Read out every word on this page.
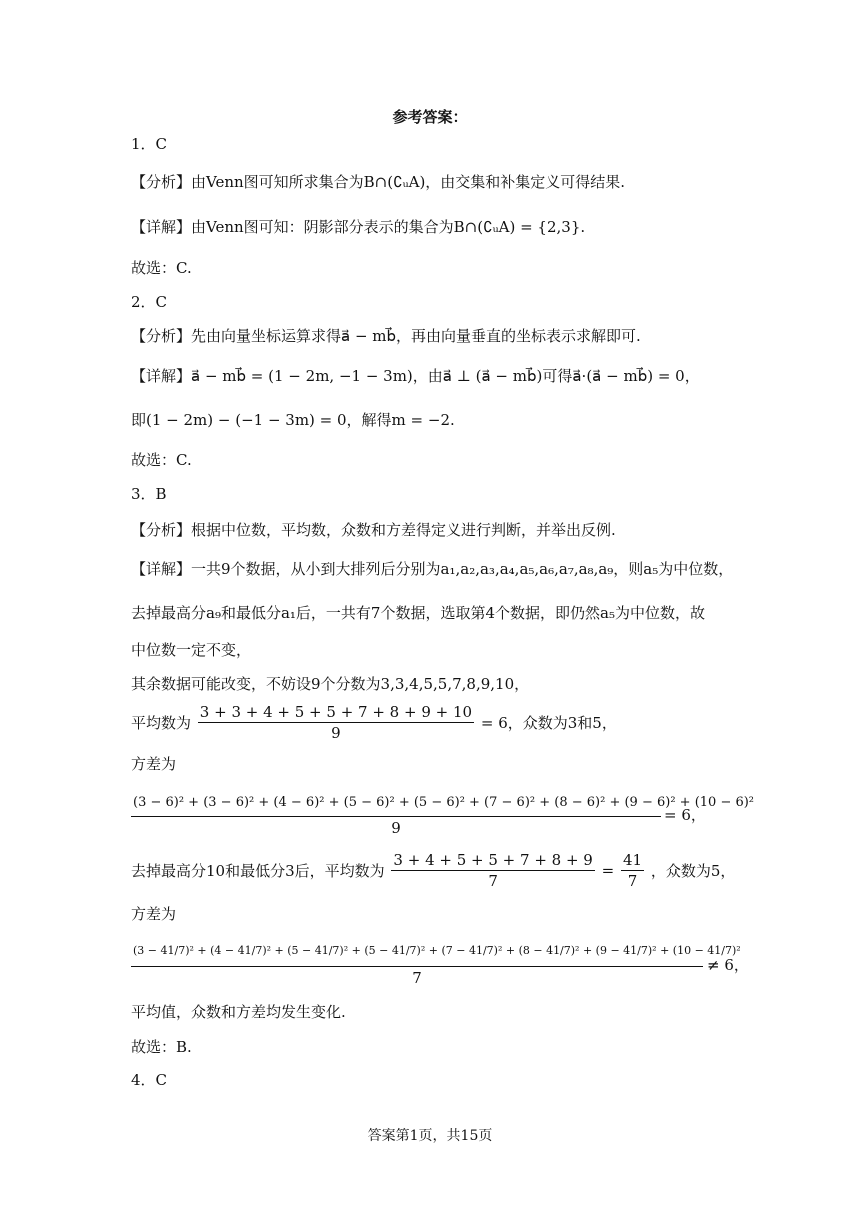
参考答案：
1．C
【分析】由Venn图可知所求集合为B∩(∁ᵤA)，由交集和补集定义可得结果.
【详解】由Venn图可知：阴影部分表示的集合为B∩(∁ᵤA) = {2,3}.
故选：C.
2．C
【分析】先由向量坐标运算求得a⃗ − mb⃗，再由向量垂直的坐标表示求解即可.
【详解】a⃗ − mb⃗ = (1 − 2m, −1 − 3m)，由a⃗ ⊥ (a⃗ − mb⃗)可得a⃗·(a⃗ − mb⃗) = 0，
即(1 − 2m) − (−1 − 3m) = 0，解得m = −2.
故选：C.
3．B
【分析】根据中位数，平均数，众数和方差得定义进行判断，并举出反例.
【详解】一共9个数据，从小到大排列后分别为a₁,a₂,a₃,a₄,a₅,a₆,a₇,a₈,a₉，则a₅为中位数，
去掉最高分a₉和最低分a₁后，一共有7个数据，选取第4个数据，即仍然a₅为中位数，故
中位数一定不变，
其余数据可能改变，不妨设9个分数为3,3,4,5,5,7,8,9,10，
平均数为 $\frac{3 + 3 + 4 + 5 + 5 + 7 + 8 + 9 + 10}{9} = 6$，众数为3和5，
方差为
(3 − 6)² + (3 − 6)² + (4 − 6)² + (5 − 6)² + (5 − 6)² + (7 − 6)² + (8 − 6)² + (9 − 6)² + (10 − 6)²
9
= 6，
去掉最高分10和最低分3后，平均数为 $\frac{3 + 4 + 5 + 5 + 7 + 8 + 9}{7} = \frac{41}{7}$ ，众数为5，
方差为
(3 − 41/7)² + (4 − 41/7)² + (5 − 41/7)² + (5 − 41/7)² + (7 − 41/7)² + (8 − 41/7)² + (9 − 41/7)² + (10 − 41/7)²
7
≠ 6，
平均值，众数和方差均发生变化.
故选：B.
4．C
答案第1页，共15页
